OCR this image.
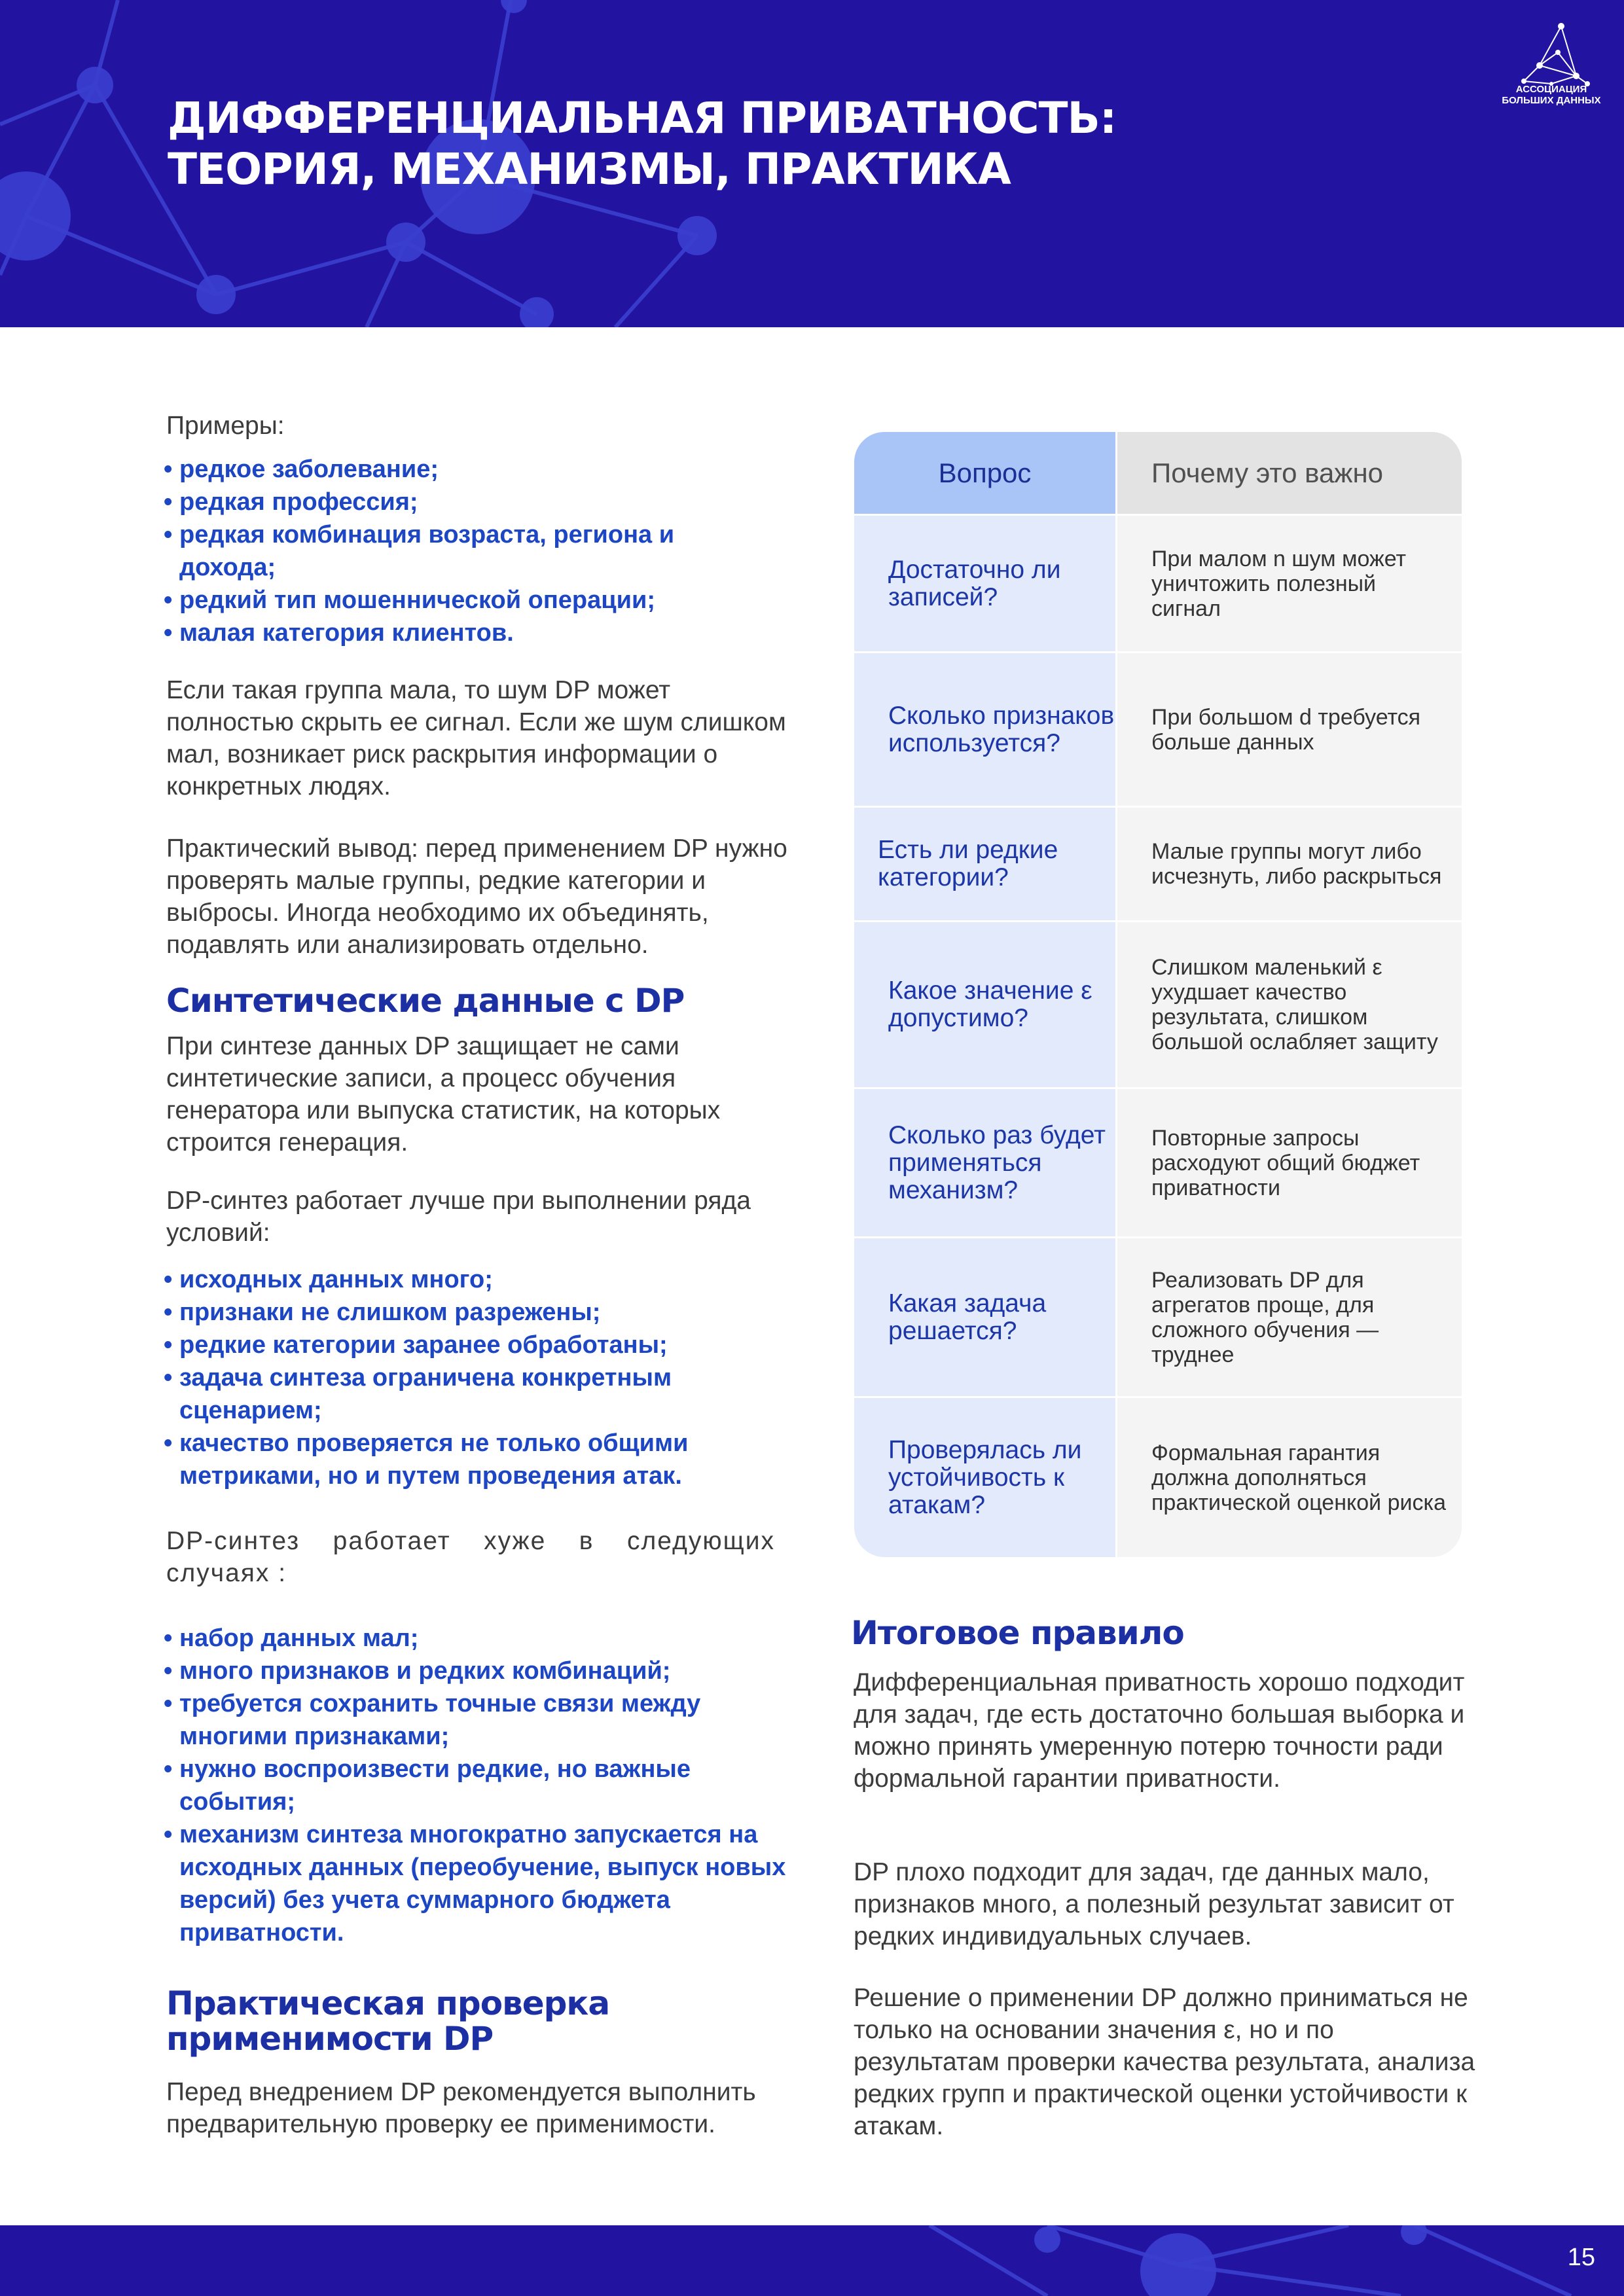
ДИФФЕРЕНЦИАЛЬНАЯ ПРИВАТНОСТЬ:
ТЕОРИЯ, МЕХАНИЗМЫ, ПРАКТИКА
АССОЦИАЦИЯ
БОЛЬШИХ ДАННЫХ

Примеры:

• редкое заболевание;
• редкая профессия;
• редкая комбинация возраста, региона и дохода;
• редкий тип мошеннической операции;
• малая категория клиентов.

Если такая группа мала, то шум DP может полностью скрыть ее сигнал. Если же шум слишком мал, возникает риск раскрытия информации о конкретных людях.

Практический вывод: перед применением DP нужно проверять малые группы, редкие категории и выбросы. Иногда необходимо их объединять, подавлять или анализировать отдельно.

Синтетические данные с DP

При синтезе данных DP защищает не сами синтетические записи, а процесс обучения генератора или выпуска статистик, на которых строится генерация.

DP-синтез работает лучше при выполнении ряда условий:

• исходных данных много;
• признаки не слишком разрежены;
• редкие категории заранее обработаны;
• задача синтеза ограничена конкретным сценарием;
• качество проверяется не только общими метриками, но и путем проведения атак.

DP-синтез работает хуже в следующих случаях :

• набор данных мал;
• много признаков и редких комбинаций;
• требуется сохранить точные связи между многими признаками;
• нужно воспроизвести редкие, но важные события;
• механизм синтеза многократно запускается на исходных данных (переобучение, выпуск новых версий) без учета суммарного бюджета приватности.
Практическая проверка
применимости DP

Перед внедрением DP рекомендуется выполнить предварительную проверку ее применимости.

Вопрос	Почему это важно
Достаточно ли записей?
При малом n шум может уничтожить полезный сигнал
Сколько признаков используется?
При большом d требуется больше данных
Есть ли редкие категории?
Малые группы могут либо исчезнуть, либо раскрыться
Какое значение ε допустимо?
Слишком маленький ε ухудшает качество результата, слишком большой ослабляет защиту
Сколько раз будет применяться механизм?
Повторные запросы расходуют общий бюджет приватности
Какая задача решается?
Реализовать DP для агрегатов проще, для сложного обучения — труднее
Проверялась ли устойчивость к атакам?
Формальная гарантия должна дополняться практической оценкой риска
Итоговое правило

Дифференциальная приватность хорошо подходит для задач, где есть достаточно большая выборка и можно принять умеренную потерю точности ради формальной гарантии приватности.

DP плохо подходит для задач, где данных мало, признаков много, а полезный результат зависит от редких индивидуальных случаев.

Решение о применении DP должно приниматься не только на основании значения ε, но и по результатам проверки качества результата, анализа редких групп и практической оценки устойчивости к атакам.

15
